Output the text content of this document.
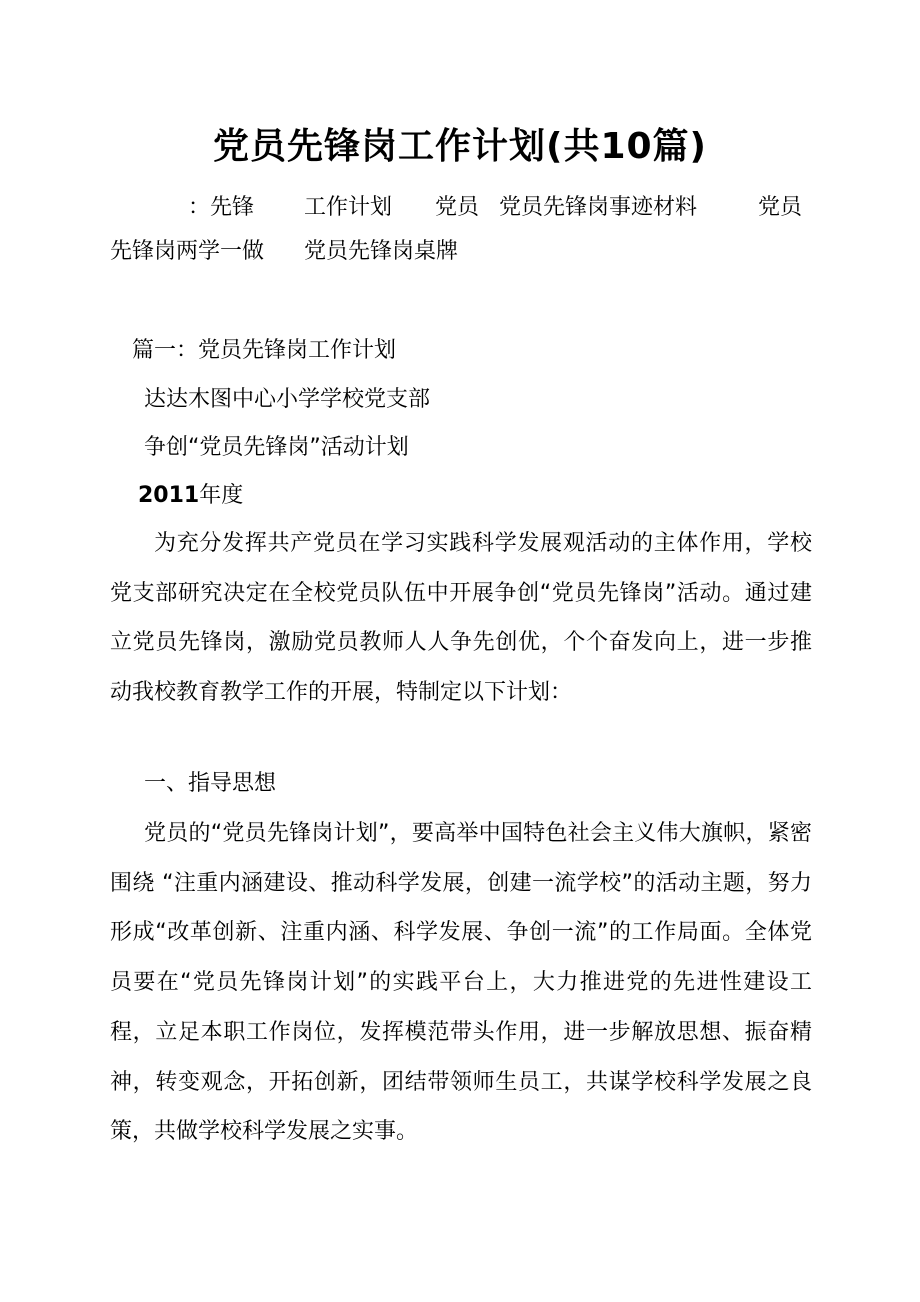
党员先锋岗工作计划(共10篇)
：先锋 工作计划 党员 党员先锋岗事迹材料	党员
先锋岗两学一做 党员先锋岗桌牌
篇一：党员先锋岗工作计划
达达木图中心小学学校党支部
争创“党员先锋岗”活动计划
2011年度
为充分发挥共产党员在学习实践科学发展观活动的主体作用，学校党支部研究决定在全校党员队伍中开展争创“党员先锋岗”活动。通过建立党员先锋岗，激励党员教师人人争先创优，个个奋发向上，进一步推动我校教育教学工作的开展，特制定以下计划：
一、指导思想
党员的“党员先锋岗计划”，要高举中国特色社会主义伟大旗帜，紧密围绕 “注重内涵建设、推动科学发展，创建一流学校”的活动主题，努力形成“改革创新、注重内涵、科学发展、争创一流”的工作局面。全体党员要在“党员先锋岗计划”的实践平台上，大力推进党的先进性建设工程，立足本职工作岗位，发挥模范带头作用，进一步解放思想、振奋精神，转变观念，开拓创新，团结带领师生员工，共谋学校科学发展之良策，共做学校科学发展之实事。
